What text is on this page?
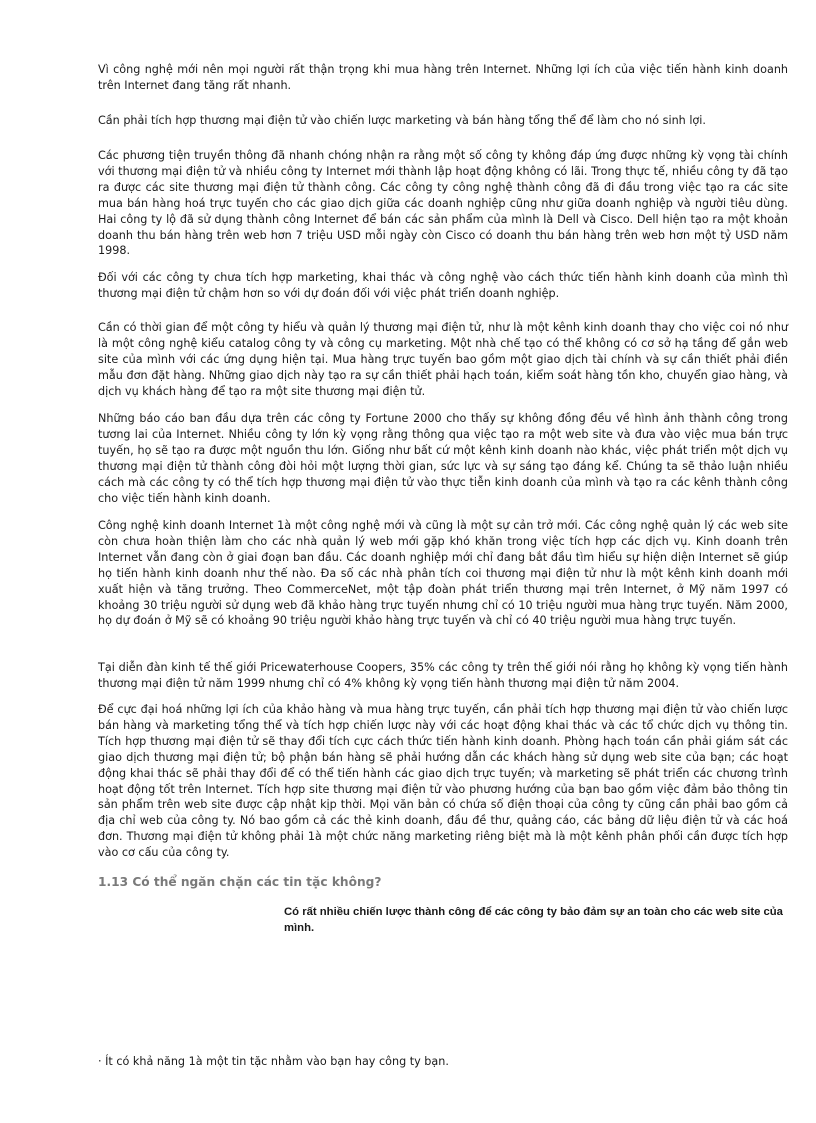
Vì công nghệ mới nên mọi người rất thận trọng khi mua hàng trên Internet. Những lợi ích của việc tiến hành kinh doanh trên Internet đang tăng rất nhanh.

Cần phải tích hợp thương mại điện tử vào chiến lược marketing và bán hàng tổng thể để làm cho nó sinh lợi.

Các phương tiện truyền thông đã nhanh chóng nhận ra rằng một số công ty không đáp ứng được những kỳ vọng tài chính với thương mại điện tử và nhiều công ty Internet mới thành lập hoạt động không có lãi. Trong thực tế, nhiều công ty đã tạo ra được các site thương mại điện tử thành công. Các công ty công nghệ thành công đã đi đầu trong việc tạo ra các site mua bán hàng hoá trực tuyến cho các giao dịch giữa các doanh nghiệp cũng như giữa doanh nghiệp và người tiêu dùng. Hai công ty lộ đã sử dụng thành công Internet để bán các sản phẩm của mình là Dell và Cisco. Dell hiện tạo ra một khoản doanh thu bán hàng trên web hơn 7 triệu USD mỗi ngày còn Cisco có doanh thu bán hàng trên web hơn một tỷ USD năm 1998.

Đối với các công ty chưa tích hợp marketing, khai thác và công nghệ vào cách thức tiến hành kinh doanh của mình thì thương mại điện tử chậm hơn so với dự đoán đối với việc phát triển doanh nghiệp.

Cần có thời gian để một công ty hiểu và quản lý thương mại điện tử, như là một kênh kinh doanh thay cho việc coi nó như là một công nghệ kiểu catalog công ty và công cụ marketing. Một nhà chế tạo có thể không có cơ sở hạ tầng để gắn web site của mình với các ứng dụng hiện tại. Mua hàng trực tuyến bao gồm một giao dịch tài chính và sự cần thiết phải điền mẫu đơn đặt hàng. Những giao dịch này tạo ra sự cần thiết phải hạch toán, kiểm soát hàng tồn kho, chuyển giao hàng, và dịch vụ khách hàng để tạo ra một site thương mại điện tử.

Những báo cáo ban đầu dựa trên các công ty Fortune 2000 cho thấy sự không đồng đều về hình ảnh thành công trong tương lai của Internet. Nhiều công ty lớn kỳ vọng rằng thông qua việc tạo ra một web site và đưa vào việc mua bán trực tuyến, họ sẽ tạo ra được một nguồn thu lớn. Giống như bất cứ một kênh kinh doanh nào khác, việc phát triển một dịch vụ thương mại điện tử thành công đòi hỏi một lượng thời gian, sức lực và sự sáng tạo đáng kể. Chúng ta sẽ thảo luận nhiều cách mà các công ty có thể tích hợp thương mại điện tử vào thực tiễn kinh doanh của mình và tạo ra các kênh thành công cho việc tiến hành kinh doanh.

Công nghệ kinh doanh Internet 1à một công nghệ mới và cũng là một sự cản trở mới. Các công nghệ quản lý các web site còn chưa hoàn thiện làm cho các nhà quản lý web mới gặp khó khăn trong việc tích hợp các dịch vụ. Kinh doanh trên Internet vẫn đang còn ở giai đoạn ban đầu. Các doanh nghiệp mới chỉ đang bắt đầu tìm hiểu sự hiện diện Internet sẽ giúp họ tiến hành kinh doanh như thế nào. Đa số các nhà phân tích coi thương mại điện tử như là một kênh kinh doanh mới xuất hiện và tăng trưởng. Theo CommerceNet, một tập đoàn phát triển thương mại trên Internet, ở Mỹ năm 1997 có khoảng 30 triệu người sử dụng web đã khảo hàng trực tuyến nhưng chỉ có 10 triệu người mua hàng trực tuyến. Năm 2000, họ dự đoán ở Mỹ sẽ có khoảng 90 triệu người khảo hàng trực tuyến và chỉ có 40 triệu người mua hàng trực tuyến.

Tại diễn đàn kinh tế thế giới Pricewaterhouse Coopers, 35% các công ty trên thế giới nói rằng họ không kỳ vọng tiến hành thương mại điện tử năm 1999 nhưng chỉ có 4% không kỳ vọng tiến hành thương mại điện tử năm 2004.

Để cực đại hoá những lợi ích của khảo hàng và mua hàng trực tuyến, cần phải tích hợp thương mại điện tử vào chiến lược bán hàng và marketing tổng thể và tích hợp chiến lược này với các hoạt động khai thác và các tổ chức dịch vụ thông tin. Tích hợp thương mại điện tử sẽ thay đổi tích cực cách thức tiến hành kinh doanh. Phòng hạch toán cần phải giám sát các giao dịch thương mại điện tử; bộ phận bán hàng sẽ phải hướng dẫn các khách hàng sử dụng web site của bạn; các hoạt động khai thác sẽ phải thay đổi để có thể tiến hành các giao dịch trực tuyến; và marketing sẽ phát triển các chương trình hoạt động tốt trên Internet. Tích hợp site thương mại điện tử vào phương hướng của bạn bao gồm việc đảm bảo thông tin sản phẩm trên web site được cập nhật kịp thời. Mọi văn bản có chứa số điện thoại của công ty cũng cần phải bao gồm cả địa chỉ web của công ty. Nó bao gồm cả các thẻ kinh doanh, đầu đề thư, quảng cáo, các bảng dữ liệu điện tử và các hoá đơn. Thương mại điện tử không phải 1à một chức năng marketing riêng biệt mà là một kênh phân phối cần được tích hợp vào cơ cấu của công ty.

1.13 Có thể ngăn chặn các tin tặc không?

Có rất nhiều chiến lược thành công để các công ty bảo đảm sự an toàn cho các web site của mình.

· Ít có khả năng 1à một tin tặc nhằm vào bạn hay công ty bạn.
